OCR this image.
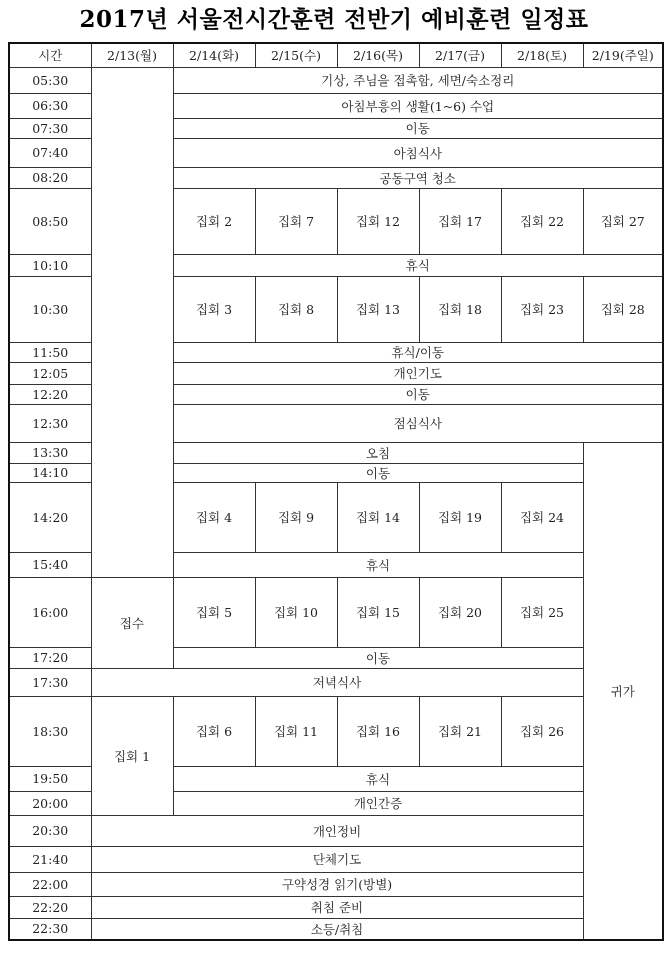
2017년 서울전시간훈련 전반기 예비훈련 일정표
시간	2/13(월)	2/14(화)	2/15(수)	2/16(목)	2/17(금)	2/18(토)	2/19(주일)
05:30		기상, 주님을 접촉함, 세면/숙소정리					
06:30		아침부흥의 생활(1~6) 수업					
07:30		이동					
07:40		아침식사					
08:20		공동구역 청소					
08:50		집회 2	집회 7	집회 12	집회 17	집회 22	집회 27
10:10		휴식					
10:30		집회 3	집회 8	집회 13	집회 18	집회 23	집회 28
11:50		휴식/이동					
12:05		개인기도					
12:20		이동					
12:30		점심식사					
13:30		오침					귀가
14:10		이동					
14:20		집회 4	집회 9	집회 14	집회 19	집회 24	
15:40		휴식					
16:00	접수	집회 5	집회 10	집회 15	집회 20	집회 25	
17:20		이동					
17:30	저녁식사						
18:30	집회 1	집회 6	집회 11	집회 16	집회 21	집회 26	
19:50		휴식					
20:00		개인간증					
20:30	개인정비						
21:40	단체기도						
22:00	구약성경 읽기(방별)						
22:20	취침 준비						
22:30	소등/취침						
